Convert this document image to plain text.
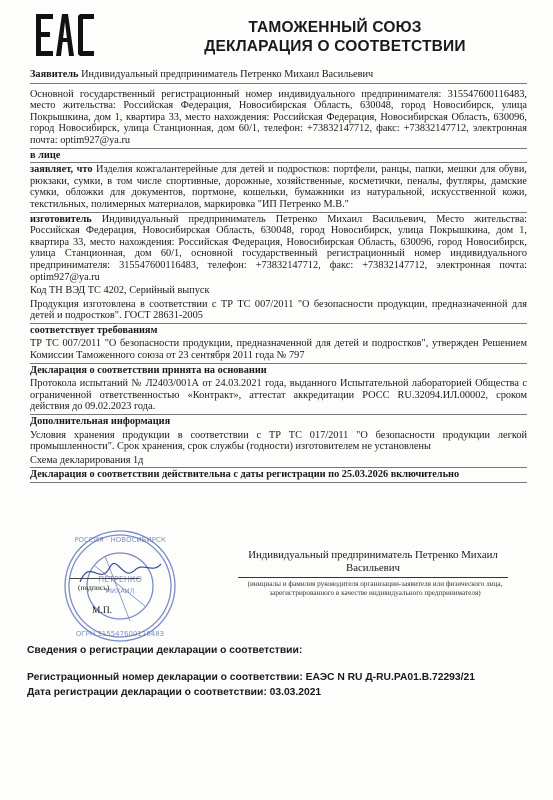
ТАМОЖЕННЫЙ СОЮЗ
ДЕКЛАРАЦИЯ О СООТВЕТСТВИИ
Заявитель Индивидуальный предприниматель Петренко Михаил Васильевич
Основной государственный регистрационный номер индивидуального предпринимателя: 315547600116483, место жительства: Российская Федерация, Новосибирская Область, 630048, город Новосибирск, улица Покрышкина, дом 1, квартира 33, место нахождения: Российская Федерация, Новосибирская Область, 630096, город Новосибирск, улица Станционная, дом 60/1, телефон: +73832147712, факс: +73832147712, электронная почта: optim927@ya.ru
в лице
заявляет, что Изделия кожгалантерейные для детей и подростков: портфели, ранцы, папки, мешки для обуви, рюкзаки, сумки, в том числе спортивные, дорожные, хозяйственные, косметички, пеналы, футляры, дамские сумки, обложки для документов, портмоне, кошельки, бумажники из натуральной, искусственной кожи, текстильных, полимерных материалов, маркировка "ИП Петренко М.В."
изготовитель Индивидуальный предприниматель Петренко Михаил Васильевич, Место жительства: Российская Федерация, Новосибирская Область, 630048, город Новосибирск, улица Покрышкина, дом 1, квартира 33, место нахождения: Российская Федерация, Новосибирская Область, 630096, город Новосибирск, улица Станционная, дом 60/1, основной государственный регистрационный номер индивидуального предпринимателя: 315547600116483, телефон: +73832147712, факс: +73832147712, электронная почта: optim927@ya.ru
Код ТН ВЭД ТС 4202, Серийный выпуск
Продукция изготовлена в соответствии с ТР ТС 007/2011 "О безопасности продукции, предназначенной для детей и подростков". ГОСТ 28631-2005
соответствует требованиям
ТР ТС 007/2011 "О безопасности продукции, предназначенной для детей и подростков", утвержден Решением Комиссии Таможенного союза от 23 сентября 2011 года № 797
Декларация о соответствии принята на основании
Протокола испытаний № Л2403/001А от 24.03.2021 года, выданного Испытательной лабораторией Общества с ограниченной ответственностью «Контракт», аттестат аккредитации РОСС RU.32094.ИЛ.00002, сроком действия до 09.02.2023 года.
Дополнительная информация
Условия хранения продукции в соответствии с ТР ТС 017/2011 "О безопасности продукции легкой промышленности". Срок хранения, срок службы (годности) изготовителем не установлены
Схема декларирования 1д
Декларация о соответствии действительна с даты регистрации по 25.03.2026 включительно
РОССИЯ · НОВОСИБИРСК
ОГРН 315547600116483
ПЕТРЕНКО
МИХАИЛ
(подпись)
М.П.
Индивидуальный предприниматель Петренко Михаил Васильевич
(инициалы и фамилия руководителя организации-заявителя или физического лица, зарегистрированного в качестве индивидуального предпринимателя)
Сведения о регистрации декларации о соответствии:
Регистрационный номер декларации о соответствии: ЕАЭС N RU Д-RU.PA01.B.72293/21
Дата регистрации декларации о соответствии: 03.03.2021
